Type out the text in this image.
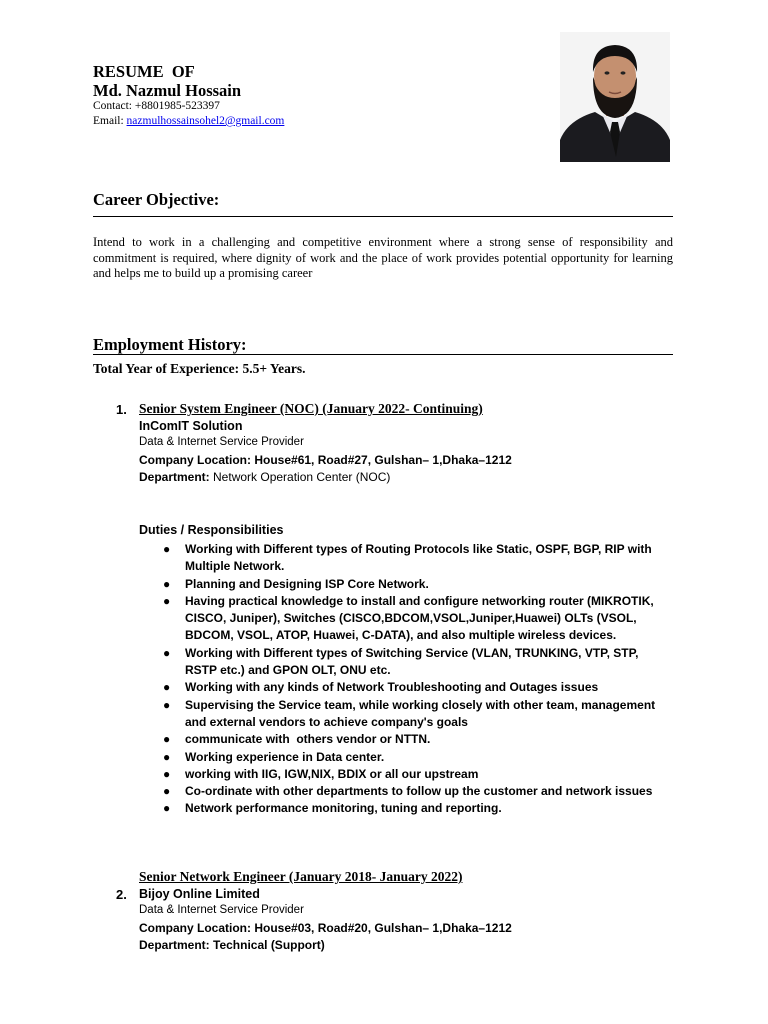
RESUME  OF
Md. Nazmul Hossain
Contact: +8801985-523397
Email: nazmulhossainsohel2@gmail.com
Career Objective:
Intend to work in a challenging and competitive environment where a strong sense of responsibility and commitment is required, where dignity of work and the place of work provides potential opportunity for learning and helps me to build up a promising career
Employment History:
Total Year of Experience: 5.5+ Years.
1. Senior System Engineer (NOC) (January 2022- Continuing)
InComIT Solution
Data & Internet Service Provider
Company Location: House#61, Road#27, Gulshan– 1,Dhaka–1212
Department: Network Operation Center (NOC)
Duties / Responsibilities
● Working with Different types of Routing Protocols like Static, OSPF, BGP, RIP with Multiple Network.
● Planning and Designing ISP Core Network.
● Having practical knowledge to install and configure networking router (MIKROTIK, CISCO, Juniper), Switches (CISCO,BDCOM,VSOL,Juniper,Huawei) OLTs (VSOL, BDCOM, VSOL, ATOP, Huawei, C-DATA), and also multiple wireless devices.
● Working with Different types of Switching Service (VLAN, TRUNKING, VTP, STP, RSTP etc.) and GPON OLT, ONU etc.
● Working with any kinds of Network Troubleshooting and Outages issues
● Supervising the Service team, while working closely with other team, management and external vendors to achieve company's goals
● communicate with  others vendor or NTTN.
● Working experience in Data center.
● working with IIG, IGW,NIX, BDIX or all our upstream
● Co-ordinate with other departments to follow up the customer and network issues
● Network performance monitoring, tuning and reporting.
Senior Network Engineer (January 2018- January 2022)
2. Bijoy Online Limited
Data & Internet Service Provider
Company Location: House#03, Road#20, Gulshan– 1,Dhaka–1212
Department: Technical (Support)
